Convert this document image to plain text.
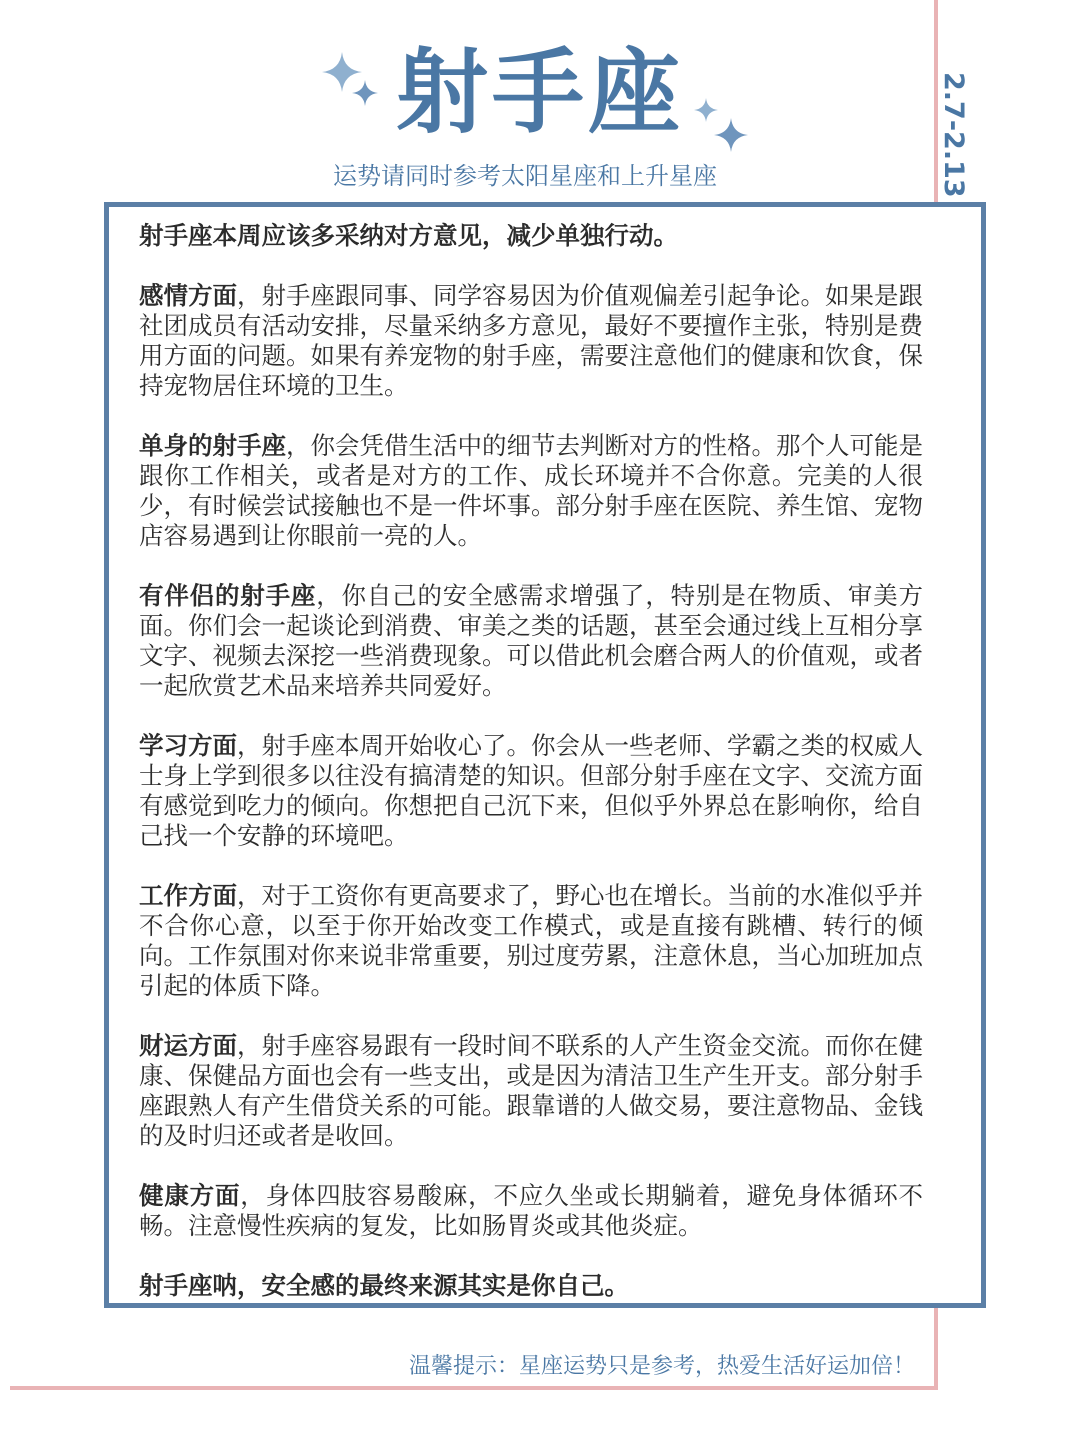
射手座
运势请同时参考太阳星座和上升星座	2.7-2.13

射手座本周应该多采纳对方意见，减少单独行动。

感情方面，射手座跟同事、同学容易因为价值观偏差引起争论。如果是跟社团成员有活动安排，尽量采纳多方意见，最好不要擅作主张，特别是费用方面的问题。如果有养宠物的射手座，需要注意他们的健康和饮食，保持宠物居住环境的卫生。

单身的射手座，你会凭借生活中的细节去判断对方的性格。那个人可能是跟你工作相关，或者是对方的工作、成长环境并不合你意。完美的人很少，有时候尝试接触也不是一件坏事。部分射手座在医院、养生馆、宠物店容易遇到让你眼前一亮的人。

有伴侣的射手座，你自己的安全感需求增强了，特别是在物质、审美方面。你们会一起谈论到消费、审美之类的话题，甚至会通过线上互相分享文字、视频去深挖一些消费现象。可以借此机会磨合两人的价值观，或者一起欣赏艺术品来培养共同爱好。

学习方面，射手座本周开始收心了。你会从一些老师、学霸之类的权威人士身上学到很多以往没有搞清楚的知识。但部分射手座在文字、交流方面有感觉到吃力的倾向。你想把自己沉下来，但似乎外界总在影响你，给自己找一个安静的环境吧。

工作方面，对于工资你有更高要求了，野心也在增长。当前的水准似乎并不合你心意，以至于你开始改变工作模式，或是直接有跳槽、转行的倾向。工作氛围对你来说非常重要，别过度劳累，注意休息，当心加班加点引起的体质下降。

财运方面，射手座容易跟有一段时间不联系的人产生资金交流。而你在健康、保健品方面也会有一些支出，或是因为清洁卫生产生开支。部分射手座跟熟人有产生借贷关系的可能。跟靠谱的人做交易，要注意物品、金钱的及时归还或者是收回。

健康方面，身体四肢容易酸麻，不应久坐或长期躺着，避免身体循环不畅。注意慢性疾病的复发，比如肠胃炎或其他炎症。

射手座呐，安全感的最终来源其实是你自己。

温馨提示：星座运势只是参考，热爱生活好运加倍！
